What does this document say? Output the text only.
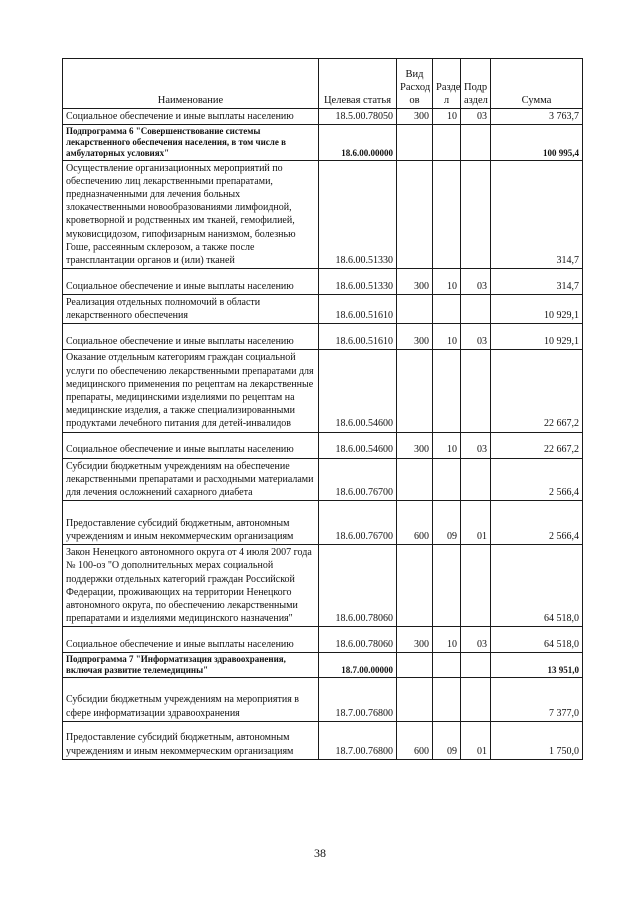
Наименование	Целевая статья	Вид Расход ов	Разде л	Подр аздел	Сумма
Социальное обеспечение и иные выплаты населению	18.5.00.78050	300	10	03	3 763,7
Подпрограмма 6 "Совершенствование системы лекарственного обеспечения населения, в том числе в амбулаторных условиях"	18.6.00.00000				100 995,4
Осуществление организационных мероприятий по обеспечению лиц лекарственными препаратами, предназначенными для лечения больных злокачественными новообразованиями лимфоидной, кроветворной и родственных им тканей, гемофилией, муковисцидозом, гипофизарным нанизмом, болезнью Гоше, рассеянным склерозом, а также после трансплантации органов и (или) тканей	18.6.00.51330				314,7
Социальное обеспечение и иные выплаты населению	18.6.00.51330	300	10	03	314,7
Реализация отдельных полномочий в области лекарственного обеспечения	18.6.00.51610				10 929,1
Социальное обеспечение и иные выплаты населению	18.6.00.51610	300	10	03	10 929,1
Оказание отдельным категориям граждан социальной услуги по обеспечению лекарственными препаратами для медицинского применения по рецептам на лекарственные препараты, медицинскими изделиями по рецептам на медицинские изделия, а также специализированными продуктами лечебного питания для детей-инвалидов	18.6.00.54600				22 667,2
Социальное обеспечение и иные выплаты населению	18.6.00.54600	300	10	03	22 667,2
Субсидии бюджетным учреждениям на обеспечение лекарственными препаратами и расходными материалами для лечения осложнений сахарного диабета	18.6.00.76700				2 566,4
Предоставление субсидий бюджетным, автономным учреждениям и иным некоммерческим организациям	18.6.00.76700	600	09	01	2 566,4
Закон Ненецкого автономного округа от 4 июля 2007 года № 100-оз "О дополнительных мерах социальной поддержки отдельных категорий граждан Российской Федерации, проживающих на территории Ненецкого автономного округа, по обеспечению лекарственными препаратами и изделиями медицинского назначения"	18.6.00.78060				64 518,0
Социальное обеспечение и иные выплаты населению	18.6.00.78060	300	10	03	64 518,0
Подпрограмма 7 "Информатизация здравоохранения, включая развитие телемедицины"	18.7.00.00000				13 951,0
Субсидии бюджетным учреждениям на мероприятия в сфере информатизации здравоохранения	18.7.00.76800				7 377,0
Предоставление субсидий бюджетным, автономным учреждениям и иным некоммерческим организациям	18.7.00.76800	600	09	01	1 750,0
38
